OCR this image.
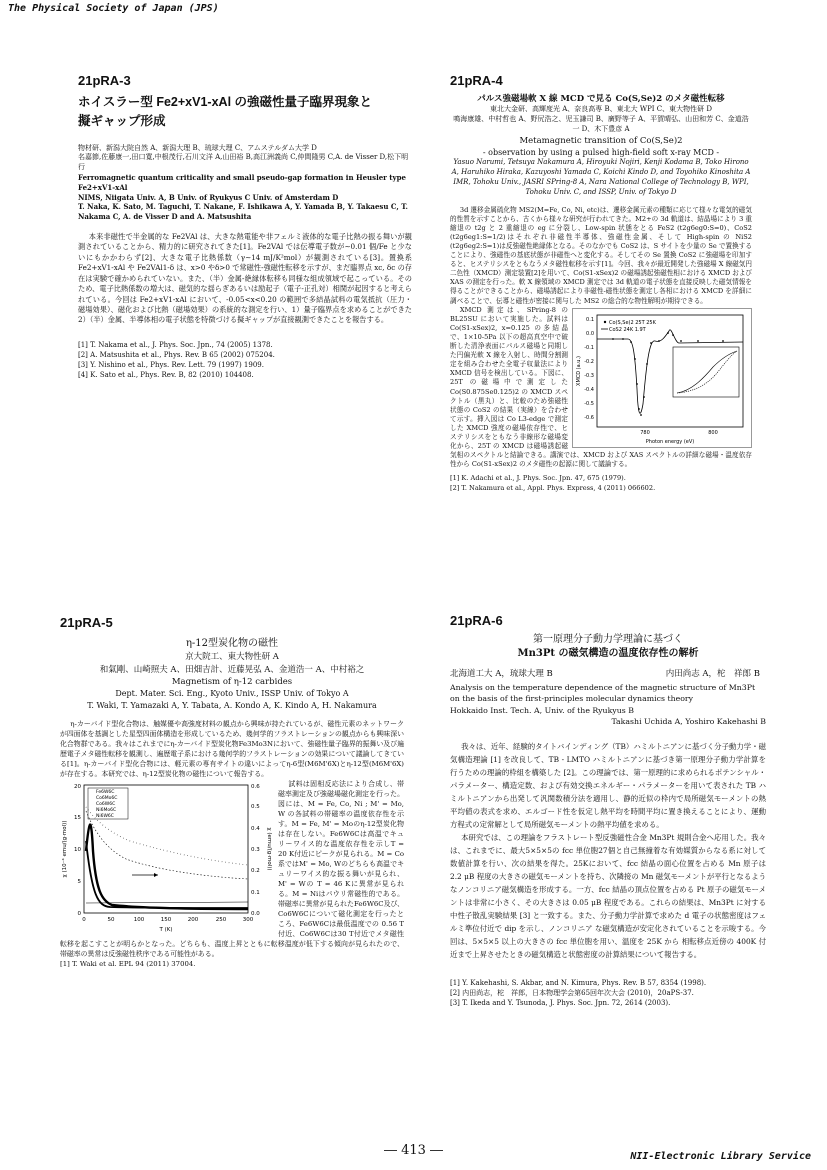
The Physical Society of Japan (JPS)
21pRA-3
ホイスラー型 Fe2+xV1-xAl の強磁性量子臨界現象と
擬ギャップ形成
物材研、新潟大院自然 A、新潟大理 B、琉球大理 C、アムステルダム大学 D
名嘉節,佐藤康一,田口寛,中根茂行,石川文洋 A,山田裕 B,高江洲義尚 C,仲間隆男 C,A. de Visser D,松下明行
Ferromagnetic quantum criticality and small pseudo-gap formation in Heusler type Fe2+xV1-xAl
NIMS, Niigata Univ. A, B Univ. of Ryukyus C Univ. of Amsterdam D
T. Naka, K. Sato, M. Taguchi, T. Nakane, F. Ishikawa A, Y. Yamada B, Y. Takaesu C, T. Nakama C, A. de Visser D and A. Matsushita

本来非磁性で半金属的な Fe2VAl は、大きな熱電能や非フェルミ液体的な電子比熱の振る舞いが観測されていることから、精力的に研究されてきた[1]。Fe2VAl では伝導電子数が∼0.01 個/Fe と少ないにもかかわらず[2]、大きな電子比熱係数（γ∼14 mJ/K²mol）が観測されている[3]。置換系 Fe2+xV1-xAl や Fe2VAl1-δ は、x>0 やδ>0 で常磁性-強磁性転移を示すが、まだ臨界点 xc, δc の存在は実験で確かめられていない。また、（半）金属-絶縁体転移も同様な組成領域で起こっている。そのため、電子比熱係数の増大は、磁気的な揺らぎあるいは励起子（電子-正孔対）相関が起因すると考えられている。今回は Fe2+xV1-xAl において、-0.05<x<0.20 の範囲で多結晶試料の電気抵抗（圧力・磁場効果）、磁化および比熱（磁場効果）の系統的な測定を行い、1）量子臨界点を求めることができた 2）（半）金属、半導体相の電子状態を特徴づける擬ギャップが直接観測できたことを報告する。

[1] T. Nakama et al., J. Phys. Soc. Jpn., 74 (2005) 1378.
[2] A. Matsushita et al., Phys. Rev. B 65 (2002) 075204.
[3] Y. Nishino et al., Phys. Rev. Lett. 79 (1997) 1909.
[4] K. Sato et al., Phys. Rev. B, 82 (2010) 104408.
21pRA-4
パルス強磁場軟 X 線 MCD で見る Co(S,Se)2 のメタ磁性転移
東北大金研、高輝度光 A、奈良高専 B、東北大 WPI C、東大物性研 D
鳴海康雄、中村哲也 A、野尻浩之、児玉謙司 B、廣野等子 A、平賀晴弘、山田和芳 C、金道浩一 D、木下豊彦 A
Metamagnetic transition of Co(S,Se)2
- observation by using a pulsed high-field soft x-ray MCD -
Yasuo Narumi, Tetsuya Nakamura A, Hiroyuki Nojiri, Kenji Kodama B, Toko Hirono A, Haruhiko Hiraka, Kazuyoshi Yamada C, Koichi Kindo D, and Toyohiko Kinoshita A
IMR, Tohoku Univ., JASRI SPring-8 A, Nara National College of Technology B, WPI, Tohoku Univ. C, and ISSP, Univ. of Tokyo D

3d 遷移金属硫化物 MS2(M=Fe, Co, Ni, etc)は、遷移金属元素の種類に応じて様々な電気的磁気的性質を示すことから、古くから様々な研究が行われてきた。M2+の 3d 軌道は、結晶場により 3 重縮退の t2g と 2 重縮退の eg に分裂し、Low-spin 状態をとる FeS2 (t2g6eg0:S=0)、CoS2 (t2g6eg1:S=1/2)はそれぞれ非磁性半導体、強磁性金属、そして High-spin の NiS2 (t2g6eg2:S=1)は反強磁性絶縁体となる。そのなかでも CoS2 は、S サイトを少量の Se で置換することにより、強磁性の基底状態が非磁性へと変化する。そしてその Se 置換 CoS2 に強磁場を印加すると、ヒステリシスをともなうメタ磁性転移を示す[1]。今回、我々が最近開発した強磁場 X 線磁気円二色性（XMCD）測定装置[2]を用いて、Co(S1-xSex)2 の磁場誘起強磁性相における XMCD および XAS の測定を行った。軟 X 線領域の XMCD 測定では 3d 軌道の電子状態を直接反映した磁気情報を得ることができることから、磁場誘起により非磁性-磁性状態を測定し各相における XMCD を詳細に調べることで、伝導と磁性が密接に関与した MS2 の総合的な物性解明が期待できる。

0.1
0.0
-0.1
-0.2
-0.3
-0.4
-0.5
-0.6
780	800
Photon energy (eV)
XMCD (a.u.)
Co(S,Se)2 25T 25K
CoS2 24K 1.9T

XMCD 測定は、SPring-8 の BL25SU において実施した。試料は Co(S1-xSex)2, x=0.125 の多結晶で、1×10-5Pa 以下の超高真空中で破断した清浄表面にパルス磁場と同期した円偏光軟 X 線を入射し、時間分割測定を組み合わせた全電子収量法により XMCD 信号を検出している。下図に、25T の磁場中で測定した Co(S0.875Se0.125)2 の XMCD スペクトル（黒丸）と、比較のため強磁性状態の CoS2 の結果（実線）を合わせて示す。挿入図は Co L3-edge で測定した XMCD 強度の磁場依存性で、ヒステリシスをともなう非線形な磁場変化から、25T の XMCD は磁場誘起磁気相のスペクトルと結論できる。講演では、XMCD および XAS スペクトルの詳細な磁場・温度依存性から Co(S1-xSex)2 のメタ磁性の起源に関して議論する。

[1] K. Adachi et al., J. Phys. Soc. Jpn. 47, 675 (1979).
[2] T. Nakamura et al., Appl. Phys. Express, 4 (2011) 066602.
21pRA-5
η-12型炭化物の磁性
京大院工、東大物性研 A
和氣剛、山崎照夫 A、田畑吉計、近藤晃弘 A、金道浩一 A、中村裕之
Magnetism of η-12 carbides
Dept. Mater. Sci. Eng., Kyoto Univ., ISSP Univ. of Tokyo A
T. Waki, T. Yamazaki A, Y. Tabata, A. Kondo A, K. Kindo A, H. Nakamura

η-カーバイド型化合物は、触媒優や高強度材料の観点から興味が持たれているが、磁性元素のネットワークが四面体を基調とした星型四面体構造を形成しているため、幾何学的フラストレーションの観点からも興味深い化合物群である。我々はこれまでにη-カーバイド型炭化物Fe3Mo3Nにおいて、強磁性量子臨界的振舞い及び遍歴電子メタ磁性転移を観測し、遍歴電子系における幾何学的フラストレーションの効果について議論してきている[1]。η-カーバイド型化合物には、軽元素の専有サイトの違いによってη-6型(M6M'6X)とη-12型(M6M'6X)が存在する。本研究では、η-12型炭化物の磁性について報告する。

0
5
10
15
20
0.0
0.1
0.2
0.3
0.4
0.5
0.6
0	50	100	150	200	250	300
T (K)
χ (10⁻⁴ emu/(g·mol))	χ (emu/(g·mol))
Fe6W6C
Co6Mo6C
Co6W6C
Ni6Mo6C
Ni6W6C

試料は固相反応法により合成し、帯磁率測定及び強磁場磁化測定を行った。図には、M = Fe, Co, Ni ; M' = Mo, W の各試料の帯磁率の温度依存性を示す。M = Fe, M' = Moのη-12型炭化物は存在しない。Fe6W6Cは高温でキュリーワイス的な温度依存性を示しT = 20 K付近にピークが見られる。M = Co系ではM' = Mo, Wのどちらも高温でキュリーワイス的な振る舞いが見られ、M' = Wの T = 46 Kに異常が見られる。M = Niはパウリ常磁性的である。帯磁率に異常が見られたFe6W6C及び、Co6W6Cについて磁化測定を行ったところ、Fe6W6Cは最低温度での 0.56 T付近、Co6W6Cは30 T付近でメタ磁性転移を起こすことが明らかとなった。どちらも、温度上昇とともに転移温度が低下する傾向が見られたので、帯磁率の異常は反強磁性秩序である可能性がある。

[1] T. Waki et al. EPL 94 (2011) 37004.
21pRA-6
第一原理分子動力学理論に基づく
Mn3Pt の磁気構造の温度依存性の解析
北海道工大 A，琉球大理 B	内田尚志 A，柁　祥郎 B
Analysis on the temperature dependence of the magnetic structure of Mn3Pt on the basis of the first-principles molecular dynamics theory
Hokkaido Inst. Tech. A, Univ. of the Ryukyus B
Takashi Uchida A, Yoshiro Kakehashi B

我々は、近年、経験的タイトバインディング（TB）ハミルトニアンに基づく分子動力学・磁気構造理論 [1] を改良して、TB - LMTO ハミルトニアンに基づき第一原理分子動力学計算を行うための理論的枠組を構築した [2]。この理論では、第一原理的に求められるポテンシャル・パラメーター、構造定数、および有効交換エネルギー・パラメーターを用いて表された TB ハミルトニアンから出発して汎関数積分法を適用し、静的近似の枠内で局所磁気モーメントの熱平均値の表式を求め、エルゴード性を仮定し熱平均を時間平均に置き換えることにより、運動方程式の定常解として局所磁気モーメントの熱平均値を求める。

本研究では、この理論をフラストレート型反強磁性合金 Mn3Pt 規則合金へ応用した。我々は、これまでに、最大5×5×5の fcc 単位胞27個と自己無撞着な有効媒質からなる系に対して数値計算を行い、次の結果を得た。25Kにおいて、fcc 結晶の面心位置を占める Mn 原子は 2.2 μB 程度の大きさの磁気モーメントを持ち、次隣接の Mn 磁気モーメントが平行となるようなノンコリニア磁気構造を形成する。一方、fcc 結晶の頂点位置を占める Pt 原子の磁気モーメントは非常に小さく、その大きさは 0.05 μB 程度である。これらの結果は、Mn3Pt に対する中性子散乱実験結果 [3] と一致する。また、分子動力学計算で求めた d 電子の状態密度はフェルミ準位付近で dip を示し、ノンコリニア な磁気構造が安定化されていることを示唆する。今回は、5×5×5 以上の大きさの fcc 単位胞を用い、温度を 25K から 相転移点近傍の 400K 付近まで上昇させたときの磁気構造と状態密度の計算結果について報告する。

[1] Y. Kakehashi, S. Akbar, and N. Kimura, Phys. Rev. B 57, 8354 (1998).
[2] 内田尚志，柁　祥郎，日本物理学会第65回年次大会 (2010)，20aPS-37.
[3] T. Ikeda and Y. Tsunoda, J. Phys. Soc. Jpn. 72, 2614 (2003).
― 413 ―	NII-Electronic Library Service
